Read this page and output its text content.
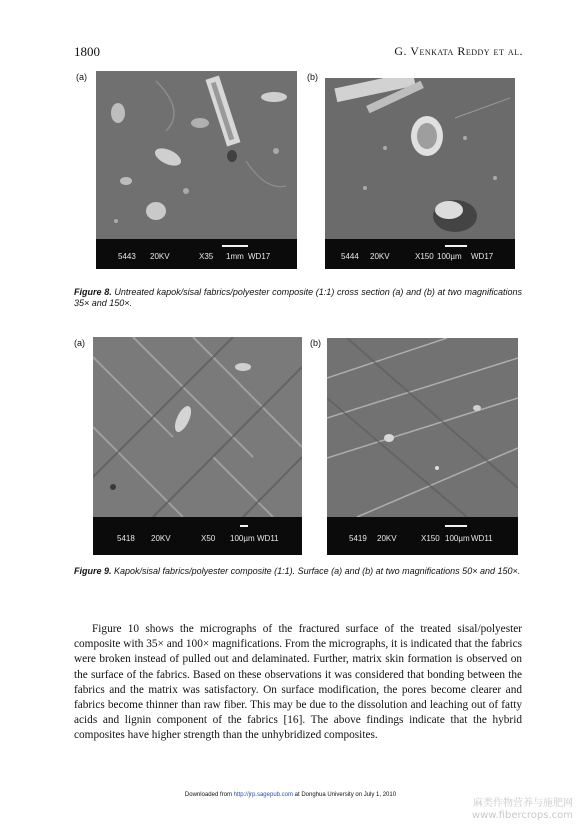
1800	G. Venkata Reddy et al.
(a)	(b)
5443 20KV	X35 1mm WD17	5444 20KV	X150 100µm WD17
Figure 8. Untreated kapok/sisal fabrics/polyester composite (1:1) cross section (a) and (b) at two magnifications 35× and 150×.
(a)	(b)
5418 20KV	X50 100µm WD11	5419 20KV	X150 100µm WD11
Figure 9. Kapok/sisal fabrics/polyester composite (1:1). Surface (a) and (b) at two magnifications 50× and 150×.

Figure 10 shows the micrographs of the fractured surface of the treated sisal/polyester composite with 35× and 100× magnifications. From the micrographs, it is indicated that the fabrics were broken instead of pulled out and delaminated. Further, matrix skin formation is observed on the surface of the fabrics. Based on these observations it was considered that bonding between the fabrics and the matrix was satisfactory. On surface modification, the pores become clearer and fabrics become thinner than raw fiber. This may be due to the dissolution and leaching out of fatty acids and lignin component of the fabrics [16]. The above findings indicate that the hybrid composites have higher strength than the unhybridized composites.

Downloaded from http://jrp.sagepub.com at Donghua University on July 1, 2010
麻类作物营养与施肥网
www.fibercrops.com
